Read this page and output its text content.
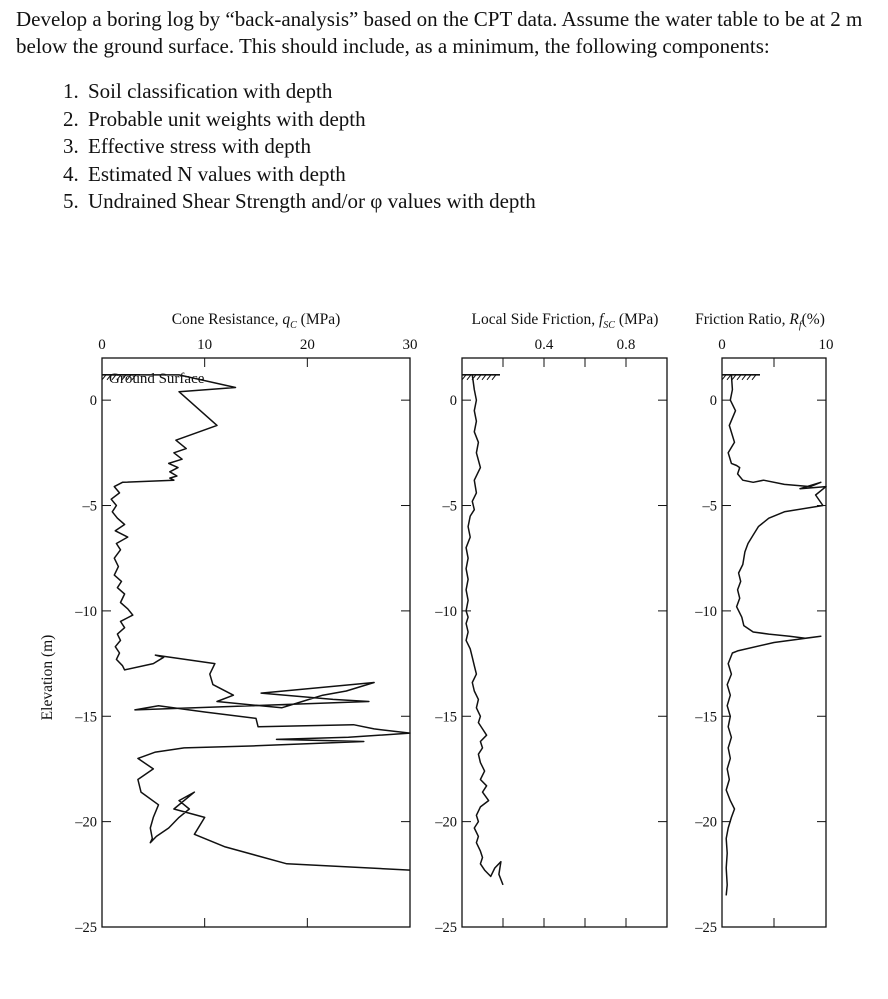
Develop a boring log by “back-analysis” based on the CPT data. Assume the water table to be at 2 m below the ground surface. This should include, as a minimum, the following components:

1. Soil classification with depth
2. Probable unit weights with depth
3. Effective stress with depth
4. Estimated N values with depth
5. Undrained Shear Strength and/or φ values with depth
Cone Resistance, $q_C$ (MPa)
0	10	20	30
0
–5
–10
–15
–20
–25
Elevation (m)
Ground Surface
Local Side Friction, $f_{SC}$ (MPa)
0.4	0.8
0
–5
–10
–15
–20
–25
Friction Ratio, $R_f(\%)$
0	10
0
–5
–10
–15
–20
–25
